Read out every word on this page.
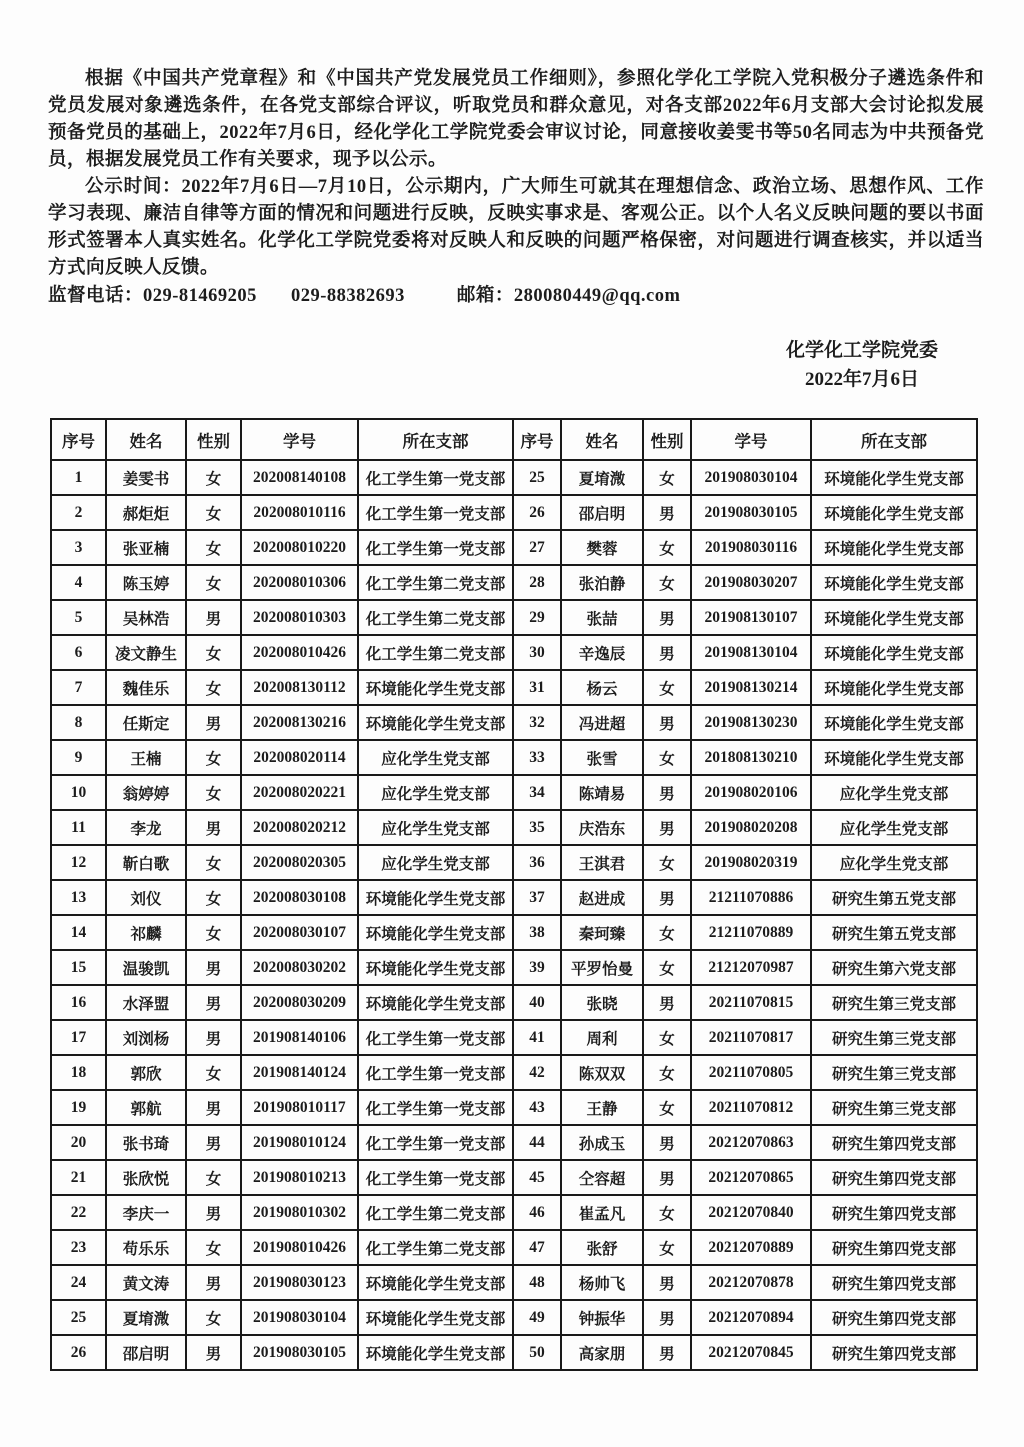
根据《中国共产党章程》和《中国共产党发展党员工作细则》，参照化学化工学院入党积极分子遴选条件和党员发展对象遴选条件，在各党支部综合评议，听取党员和群众意见，对各支部2022年6月支部大会讨论拟发展预备党员的基础上，2022年7月6日，经化学化工学院党委会审议讨论，同意接收姜雯书等50名同志为中共预备党员，根据发展党员工作有关要求，现予以公示。

公示时间：2022年7月6日—7月10日，公示期内，广大师生可就其在理想信念、政治立场、思想作风、工作学习表现、廉洁自律等方面的情况和问题进行反映，反映实事求是、客观公正。以个人名义反映问题的要以书面形式签署本人真实姓名。化学化工学院党委将对反映人和反映的问题严格保密，对问题进行调查核实，并以适当方式向反映人反馈。

监督电话：029-81469205 029-88382693	邮箱：280080449@qq.com

化学化工学院党委
2022年7月6日
序号	姓名	性别	学号	所在支部	序号	姓名	性别	学号	所在支部
1	姜雯书	女	202008140108	化工学生第一党支部	25	夏堉溦	女	201908030104	环境能化学生党支部
2	郝炬炬	女	202008010116	化工学生第一党支部	26	邵启明	男	201908030105	环境能化学生党支部
3	张亚楠	女	202008010220	化工学生第一党支部	27	樊蓉	女	201908030116	环境能化学生党支部
4	陈玉婷	女	202008010306	化工学生第二党支部	28	张泊静	女	201908030207	环境能化学生党支部
5	吴林浩	男	202008010303	化工学生第二党支部	29	张喆	男	201908130107	环境能化学生党支部
6	凌文静生	女	202008010426	化工学生第二党支部	30	辛逸辰	男	201908130104	环境能化学生党支部
7	魏佳乐	女	202008130112	环境能化学生党支部	31	杨云	女	201908130214	环境能化学生党支部
8	任斯定	男	202008130216	环境能化学生党支部	32	冯进超	男	201908130230	环境能化学生党支部
9	王楠	女	202008020114	应化学生党支部	33	张雪	女	201808130210	环境能化学生党支部
10	翁婷婷	女	202008020221	应化学生党支部	34	陈靖易	男	201908020106	应化学生党支部
11	李龙	男	202008020212	应化学生党支部	35	庆浩东	男	201908020208	应化学生党支部
12	靳白歌	女	202008020305	应化学生党支部	36	王淇君	女	201908020319	应化学生党支部
13	刘仪	女	202008030108	环境能化学生党支部	37	赵进成	男	21211070886	研究生第五党支部
14	祁麟	女	202008030107	环境能化学生党支部	38	秦珂臻	女	21211070889	研究生第五党支部
15	温骏凯	男	202008030202	环境能化学生党支部	39	平罗怡曼	女	21212070987	研究生第六党支部
16	水泽盟	男	202008030209	环境能化学生党支部	40	张晓	男	20211070815	研究生第三党支部
17	刘浏杨	男	201908140106	化工学生第一党支部	41	周利	女	20211070817	研究生第三党支部
18	郭欣	女	201908140124	化工学生第一党支部	42	陈双双	女	20211070805	研究生第三党支部
19	郭航	男	201908010117	化工学生第一党支部	43	王静	女	20211070812	研究生第三党支部
20	张书琦	男	201908010124	化工学生第一党支部	44	孙成玉	男	20212070863	研究生第四党支部
21	张欣悦	女	201908010213	化工学生第一党支部	45	仝容超	男	20212070865	研究生第四党支部
22	李庆一	男	201908010302	化工学生第二党支部	46	崔孟凡	女	20212070840	研究生第四党支部
23	苟乐乐	女	201908010426	化工学生第二党支部	47	张舒	女	20212070889	研究生第四党支部
24	黄文涛	男	201908030123	环境能化学生党支部	48	杨帅飞	男	20212070878	研究生第四党支部
25	夏堉溦	女	201908030104	环境能化学生党支部	49	钟振华	男	20212070894	研究生第四党支部
26	邵启明	男	201908030105	环境能化学生党支部	50	高家朋	男	20212070845	研究生第四党支部
